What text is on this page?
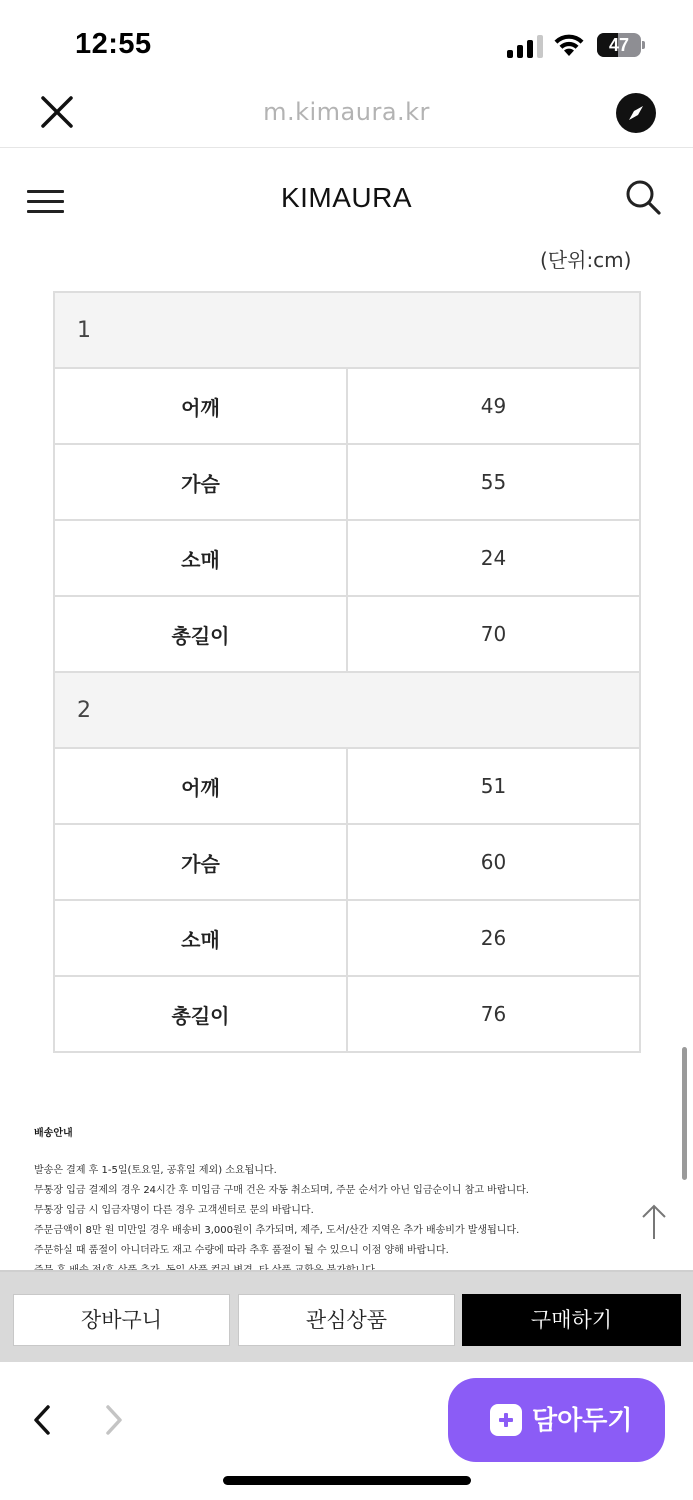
12:55	47
m.kimaura.kr
KIMAURA
(단위:cm)
1	
어깨	49
가슴	55
소매	24
총길이	70
2	
어깨	51
가슴	60
소매	26
총길이	76
배송안내
발송은 결제 후 1-5일(토요일, 공휴일 제외) 소요됩니다.
무통장 입금 결제의 경우 24시간 후 미입금 구매 건은 자동 취소되며, 주문 순서가 아닌 입금순이니 참고 바랍니다.
무통장 입금 시 입금자명이 다른 경우 고객센터로 문의 바랍니다.
주문금액이 8만 원 미만일 경우 배송비 3,000원이 추가되며, 제주, 도서/산간 지역은 추가 배송비가 발생됩니다.
주문하실 때 품절이 아니더라도 재고 수량에 따라 추후 품절이 될 수 있으니 이점 양해 바랍니다.
장바구니	관심상품	구매하기
담아두기
